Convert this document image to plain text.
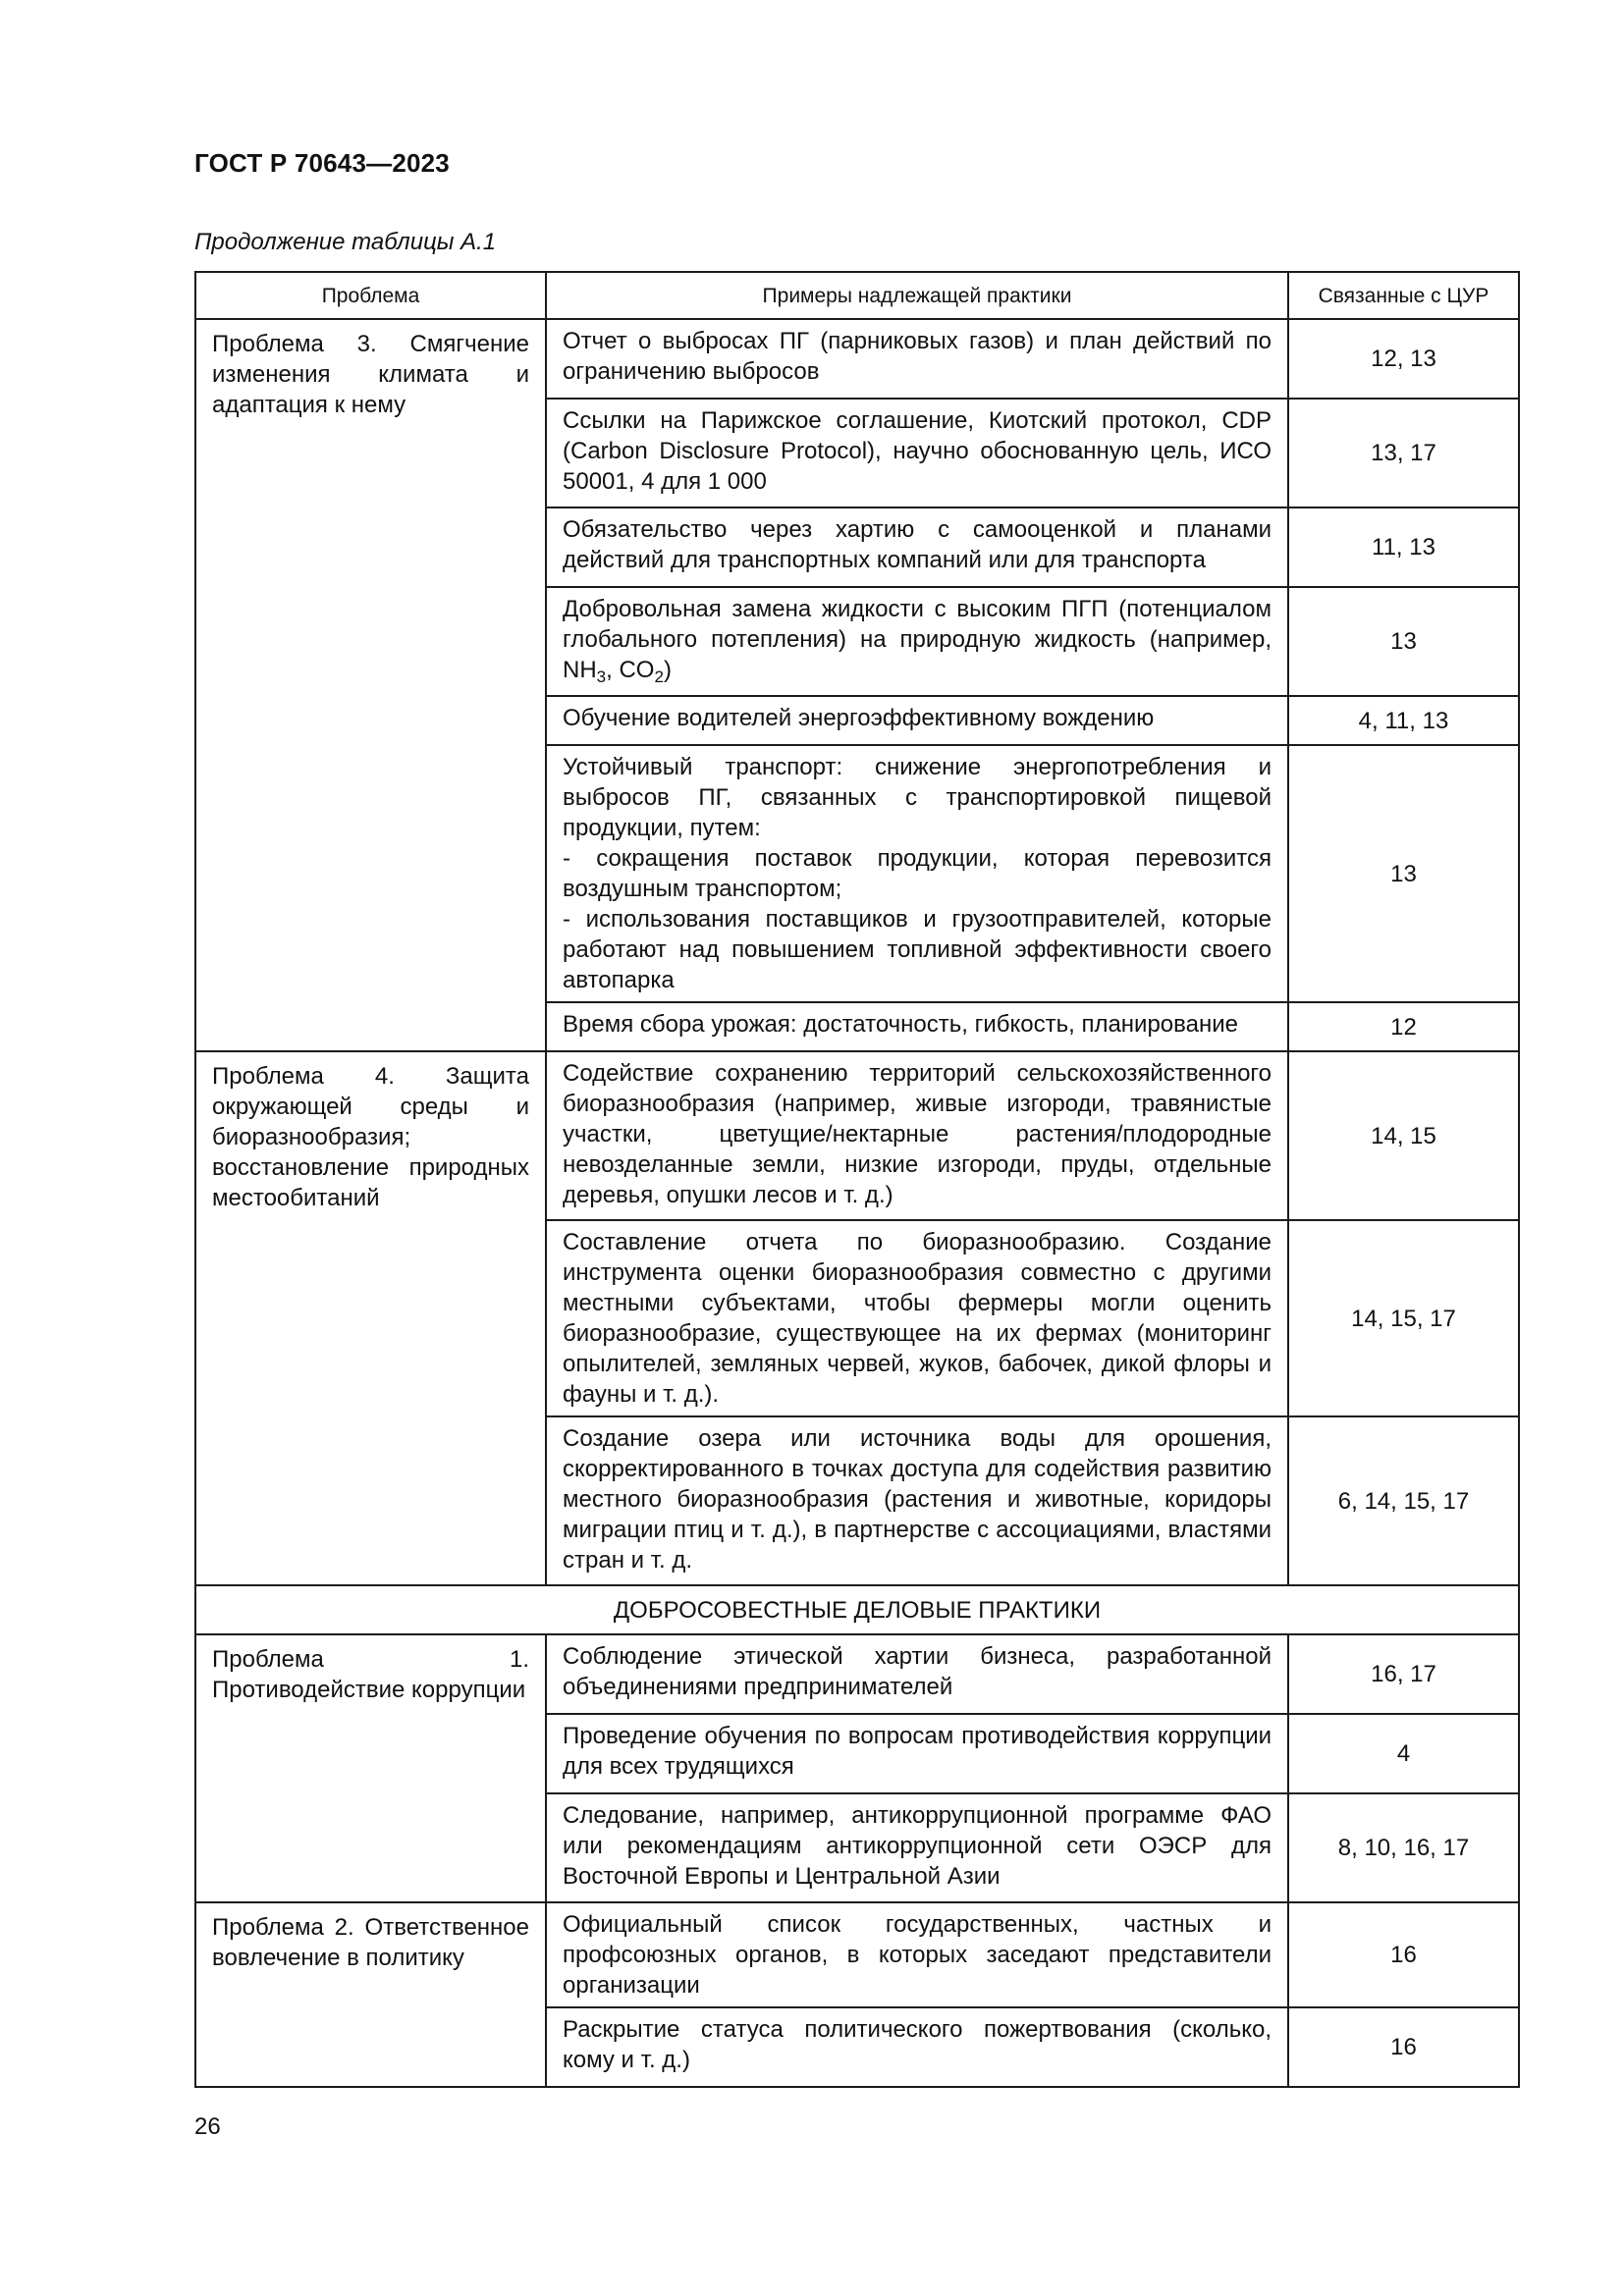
ГОСТ Р 70643—2023
Продолжение таблицы А.1
Проблема	Примеры надлежащей практики	Связанные с ЦУР
Проблема 3. Смягчение изменения климата и адаптация к нему	Отчет о выбросах ПГ (парниковых газов) и план действий по ограничению выбросов	12, 13
	Ссылки на Парижское соглашение, Киотский протокол, CDP (Carbon Disclosure Protocol), научно обоснованную цель, ИСО 50001, 4 для 1 000	13, 17
	Обязательство через хартию с самооценкой и планами действий для транспортных компаний или для транспорта	11, 13
	Добровольная замена жидкости с высоким ПГП (потенциалом глобального потепления) на природную жидкость (например, $NH_3$, $CO_2$)	13
	Обучение водителей энергоэффективному вождению	4, 11, 13

	Устойчивый транспорт: снижение энергопотребления и выбросов ПГ, связанных с транспортировкой пищевой продукции, путем:
- сокращения поставок продукции, которая перевозится воздушным транспортом;
- использования поставщиков и грузоотправителей, которые работают над повышением топливной эффективности своего автопарка	13
	Время сбора урожая: достаточность, гибкость, планирование	12
Проблема 4. Защита окружающей среды и биоразнообразия; восстановление природных местообитаний	Содействие сохранению территорий сельскохозяйственного биоразнообразия (например, живые изгороди, травянистые участки, цветущие/нектарные растения/плодородные невозделанные земли, низкие изгороди, пруды, отдельные деревья, опушки лесов и т. д.)	14, 15
	Составление отчета по биоразнообразию. Создание инструмента оценки биоразнообразия совместно с другими местными субъектами, чтобы фермеры могли оценить биоразнообразие, существующее на их фермах (мониторинг опылителей, земляных червей, жуков, бабочек, дикой флоры и фауны и т. д.).	14, 15, 17
	Создание озера или источника воды для орошения, скорректированного в точках доступа для содействия развитию местного биоразнообразия (растения и животные, коридоры миграции птиц и т. д.), в партнерстве с ассоциациями, властями стран и т. д.	6, 14, 15, 17
ДОБРОСОВЕСТНЫЕ ДЕЛОВЫЕ ПРАКТИКИ		
Проблема 1. Противодействие коррупции	Соблюдение этической хартии бизнеса, разработанной объединениями предпринимателей	16, 17
	Проведение обучения по вопросам противодействия коррупции для всех трудящихся	4
	Следование, например, антикоррупционной программе ФАО или рекомендациям антикоррупционной сети ОЭСР для Восточной Европы и Центральной Азии	8, 10, 16, 17
Проблема 2. Ответственное вовлечение в политику	Официальный список государственных, частных и профсоюзных органов, в которых заседают представители организации	16
	Раскрытие статуса политического пожертвования (сколько, кому и т. д.)	16
26
